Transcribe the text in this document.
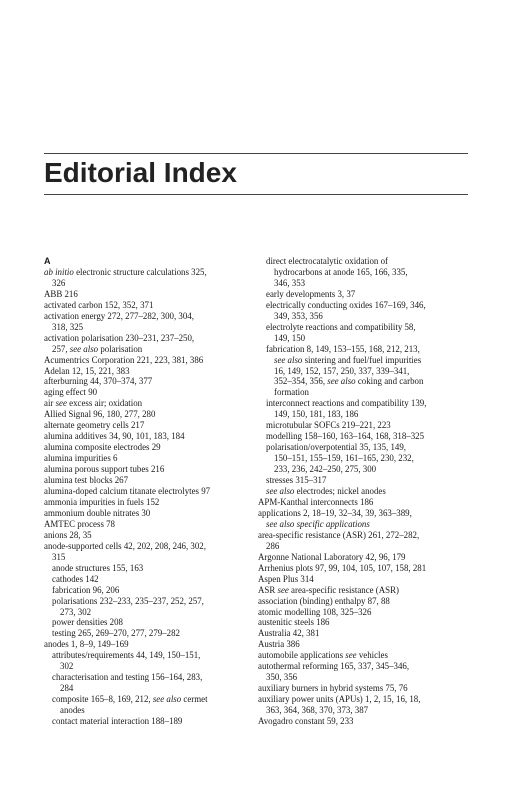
Editorial Index
A
ab initio electronic structure calculations 325,
326
ABB 216
activated carbon 152, 352, 371
activation energy 272, 277–282, 300, 304,
318, 325
activation polarisation 230–231, 237–250,
257, see also polarisation
Acumentrics Corporation 221, 223, 381, 386
Adelan 12, 15, 221, 383
afterburning 44, 370–374, 377
aging effect 90
air see excess air; oxidation
Allied Signal 96, 180, 277, 280
alternate geometry cells 217
alumina additives 34, 90, 101, 183, 184
alumina composite electrodes 29
alumina impurities 6
alumina porous support tubes 216
alumina test blocks 267
alumina-doped calcium titanate electrolytes 97
ammonia impurities in fuels 152
ammonium double nitrates 30
AMTEC process 78
anions 28, 35
anode-supported cells 42, 202, 208, 246, 302,
315
anode structures 155, 163
cathodes 142
fabrication 96, 206
polarisations 232–233, 235–237, 252, 257,
273, 302
power densities 208
testing 265, 269–270, 277, 279–282
anodes 1, 8–9, 149–169
attributes/requirements 44, 149, 150–151,
302
characterisation and testing 156–164, 283,
284
composite 165–8, 169, 212, see also cermet
anodes
contact material interaction 188–189
direct electrocatalytic oxidation of
hydrocarbons at anode 165, 166, 335,
346, 353
early developments 3, 37
electrically conducting oxides 167–169, 346,
349, 353, 356
electrolyte reactions and compatibility 58,
149, 150
fabrication 8, 149, 153–155, 168, 212, 213,
see also sintering and fuel/fuel impurities
16, 149, 152, 157, 250, 337, 339–341,
352–354, 356, see also coking and carbon
formation
interconnect reactions and compatibility 139,
149, 150, 181, 183, 186
microtubular SOFCs 219–221, 223
modelling 158–160, 163–164, 168, 318–325
polarisation/overpotential 35, 135, 149,
150–151, 155–159, 161–165, 230, 232,
233, 236, 242–250, 275, 300
stresses 315–317
see also electrodes; nickel anodes
APM-Kanthal interconnects 186
applications 2, 18–19, 32–34, 39, 363–389,
see also specific applications
area-specific resistance (ASR) 261, 272–282,
286
Argonne National Laboratory 42, 96, 179
Arrhenius plots 97, 99, 104, 105, 107, 158, 281
Aspen Plus 314
ASR see area-specific resistance (ASR)
association (binding) enthalpy 87, 88
atomic modelling 108, 325–326
austenitic steels 186
Australia 42, 381
Austria 386
automobile applications see vehicles
autothermal reforming 165, 337, 345–346,
350, 356
auxiliary burners in hybrid systems 75, 76
auxiliary power units (APUs) 1, 2, 15, 16, 18,
363, 364, 368, 370, 373, 387
Avogadro constant 59, 233
